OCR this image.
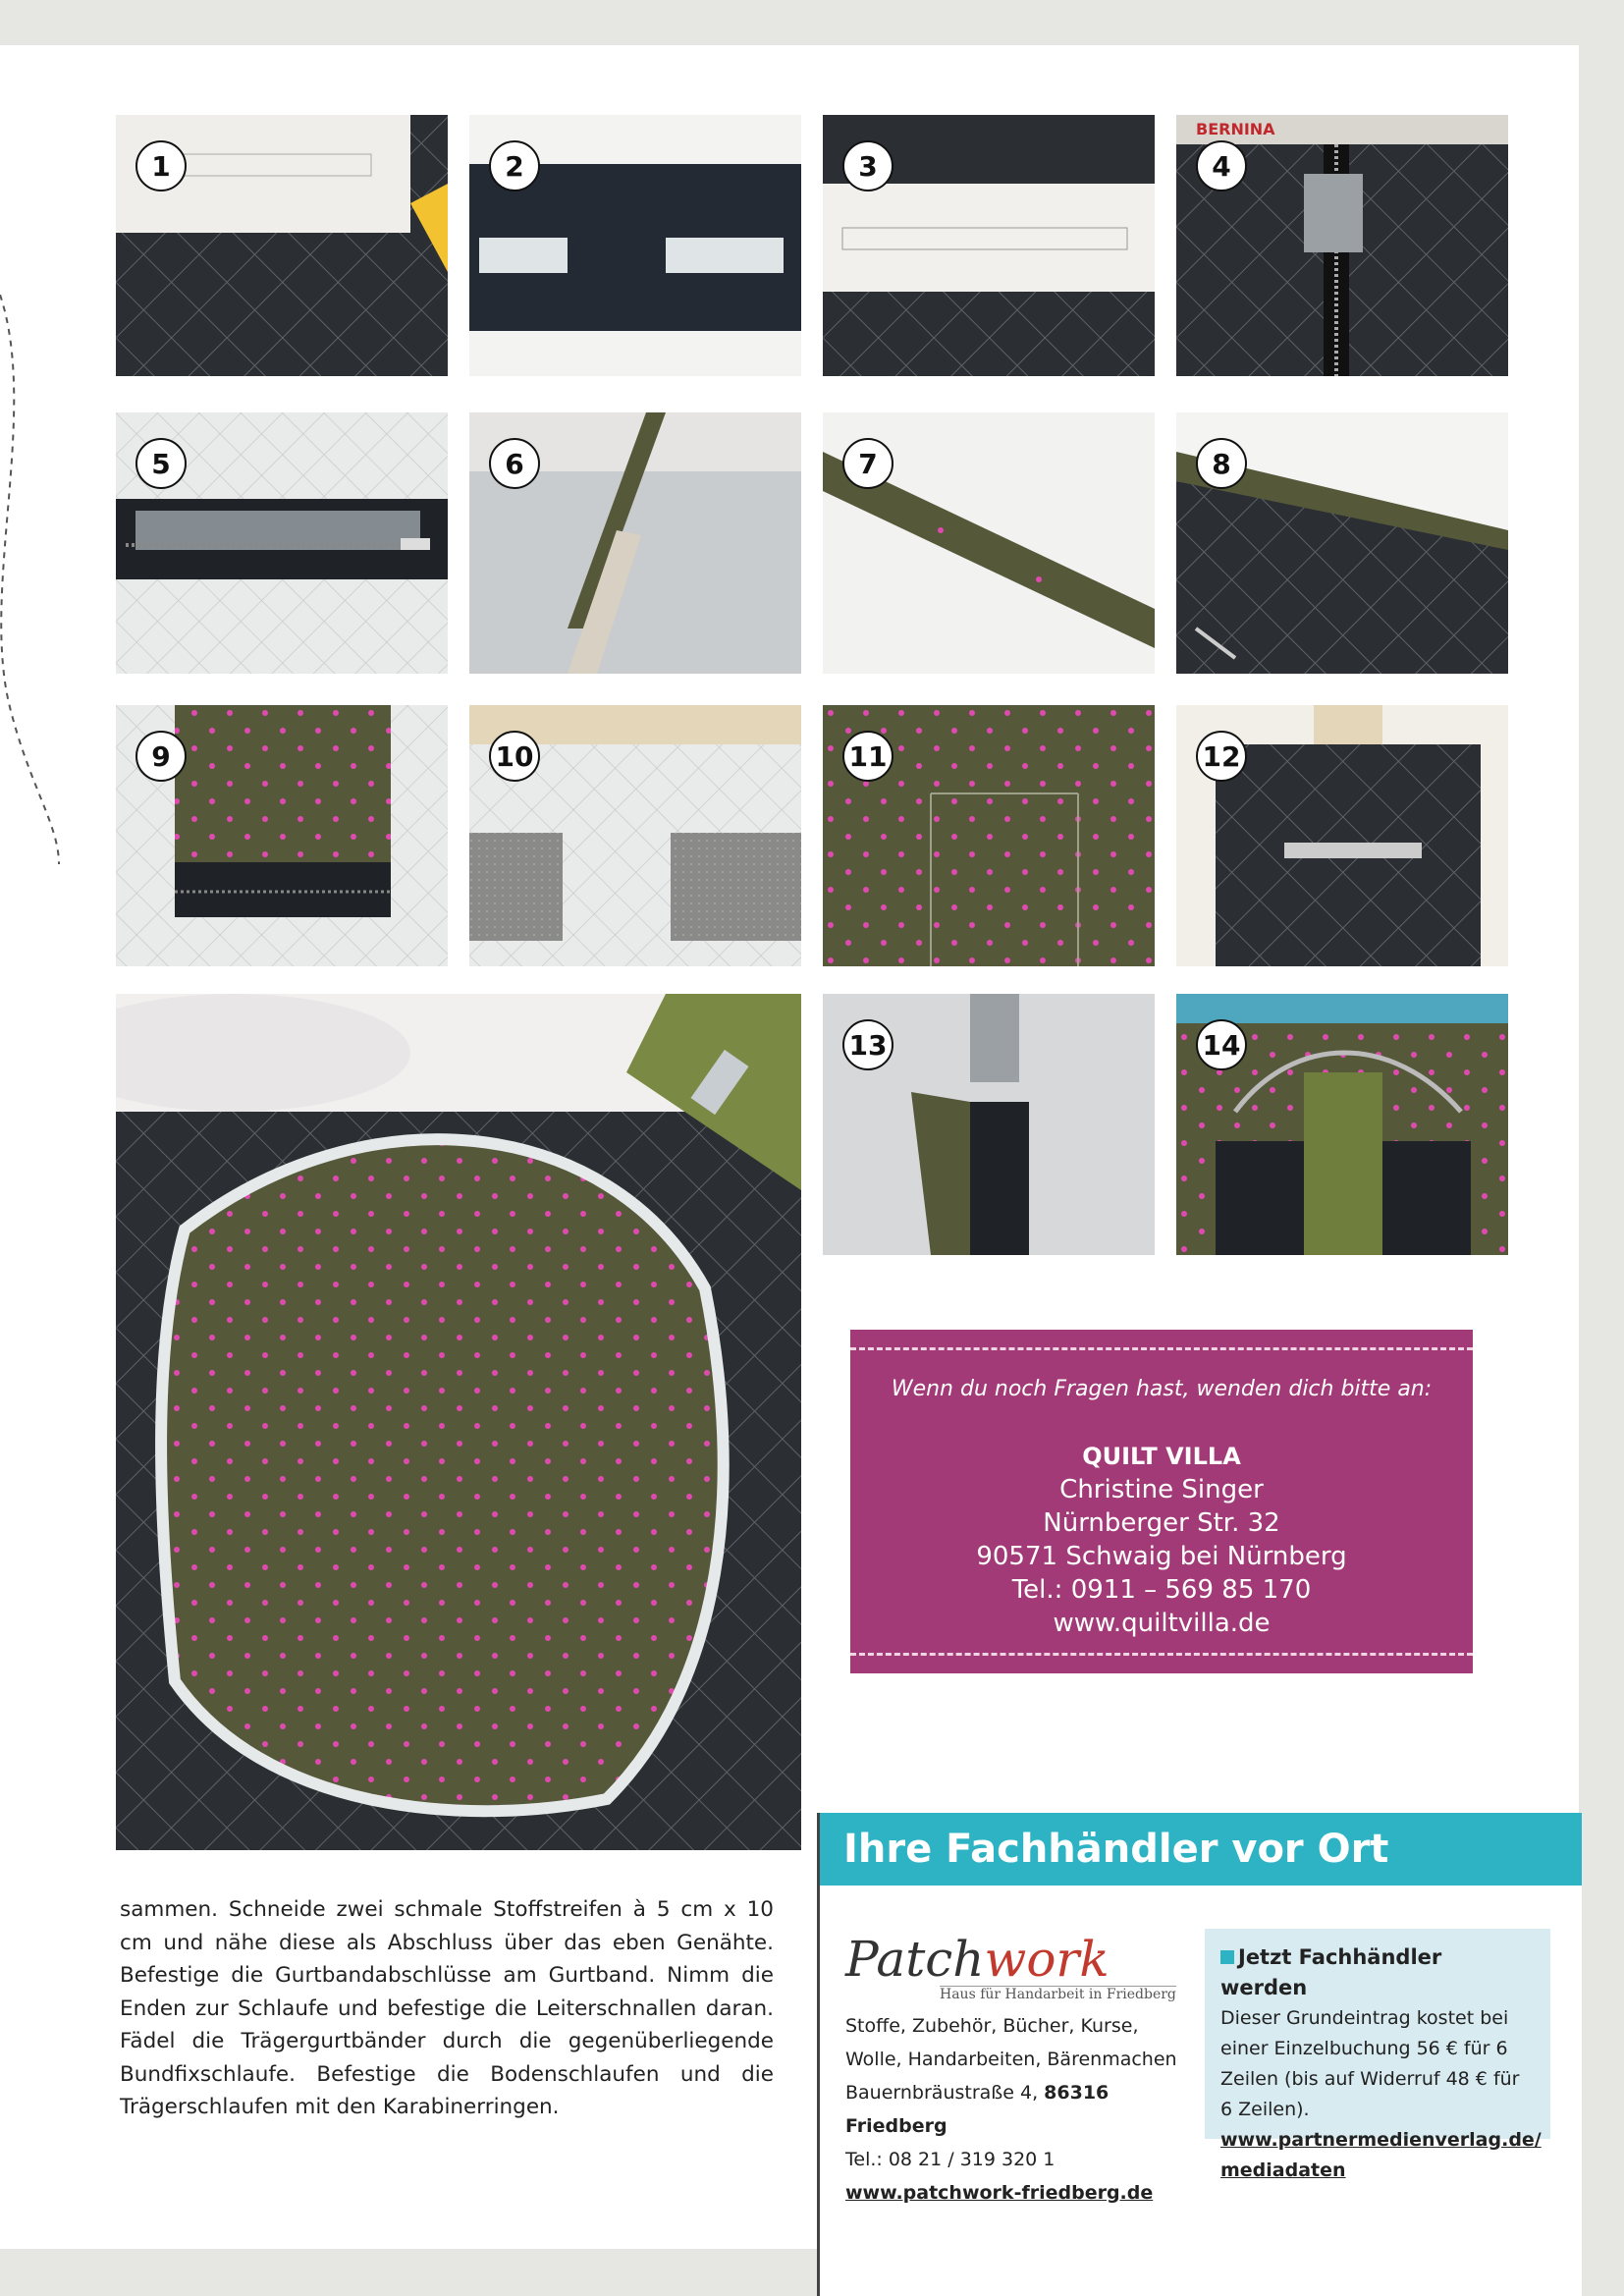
1	2	3
BERNINA
4
5	6	7	8
9	10	11	12
13	14
Wenn du noch Fragen hast, wenden dich bitte an:
QUILT VILLA
Christine Singer
Nürnberger Str. 32
90571 Schwaig bei Nürnberg
Tel.: 0911 – 569 85 170
www.quiltvilla.de
sammen. Schneide zwei schmale Stoffstreifen à 5 cm x 10 cm und nähe diese als Abschluss über das eben Genähte. Befestige die Gurtbandabschlüsse am Gurtband. Nimm die Enden zur Schlaufe und befestige die Leiterschnallen daran. Fädel die Trägergurtbänder durch die gegenüberliegende Bundfixschlaufe. Befestige die Bodenschlaufen und die Trägerschlaufen mit den Karabinerringen.
Ihre Fachhändler vor Ort
Patchwork
Haus für Handarbeit in Friedberg
Stoffe, Zubehör, Bücher, Kurse,
Wolle, Handarbeiten, Bärenmachen
Bauernbräustraße 4, 86316 Friedberg
Tel.: 08 21 / 319 320 1
www.patchwork-friedberg.de
Jetzt Fachhändler werden
Dieser Grundeintrag kostet bei einer Einzelbuchung 56 € für 6 Zeilen (bis auf Widerruf 48 € für 6 Zeilen).
www.partnermedienverlag.de/
mediadaten
